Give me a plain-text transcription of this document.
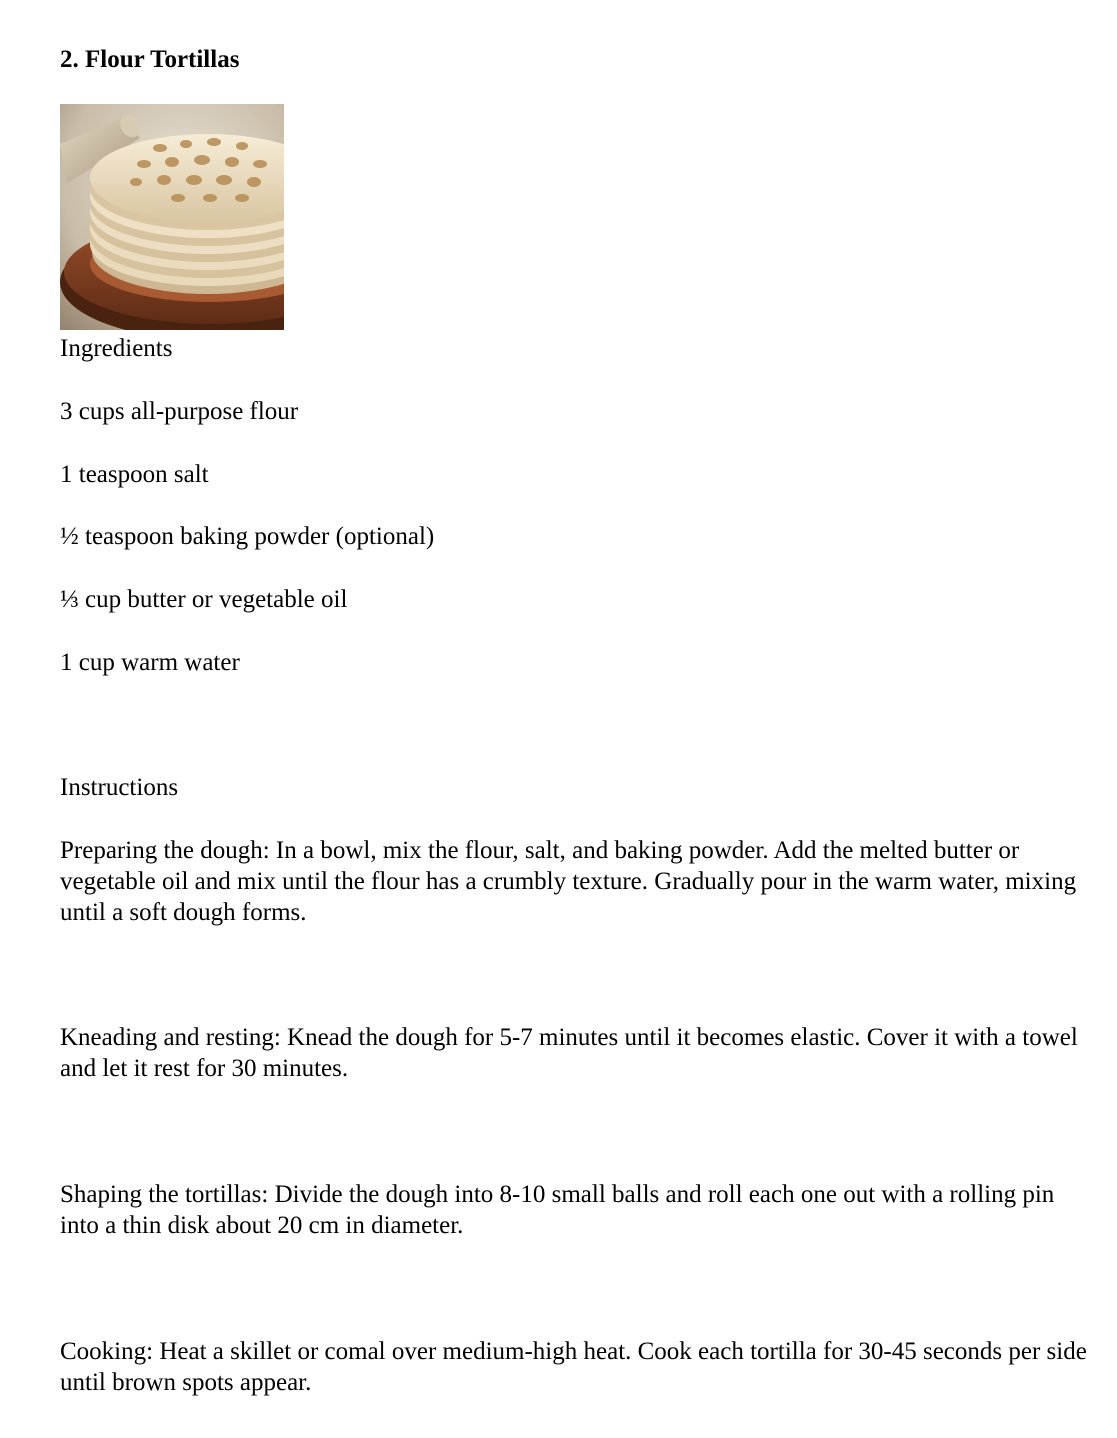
2. Flour Tortillas

Ingredients

3 cups all-purpose flour

1 teaspoon salt

½ teaspoon baking powder (optional)

⅓ cup butter or vegetable oil

1 cup warm water

Instructions

Preparing the dough: In a bowl, mix the flour, salt, and baking powder. Add the melted butter or vegetable oil and mix until the flour has a crumbly texture. Gradually pour in the warm water, mixing until a soft dough forms.

Kneading and resting: Knead the dough for 5-7 minutes until it becomes elastic. Cover it with a towel and let it rest for 30 minutes.

Shaping the tortillas: Divide the dough into 8-10 small balls and roll each one out with a rolling pin into a thin disk about 20 cm in diameter.

Cooking: Heat a skillet or comal over medium-high heat. Cook each tortilla for 30-45 seconds per side until brown spots appear.
